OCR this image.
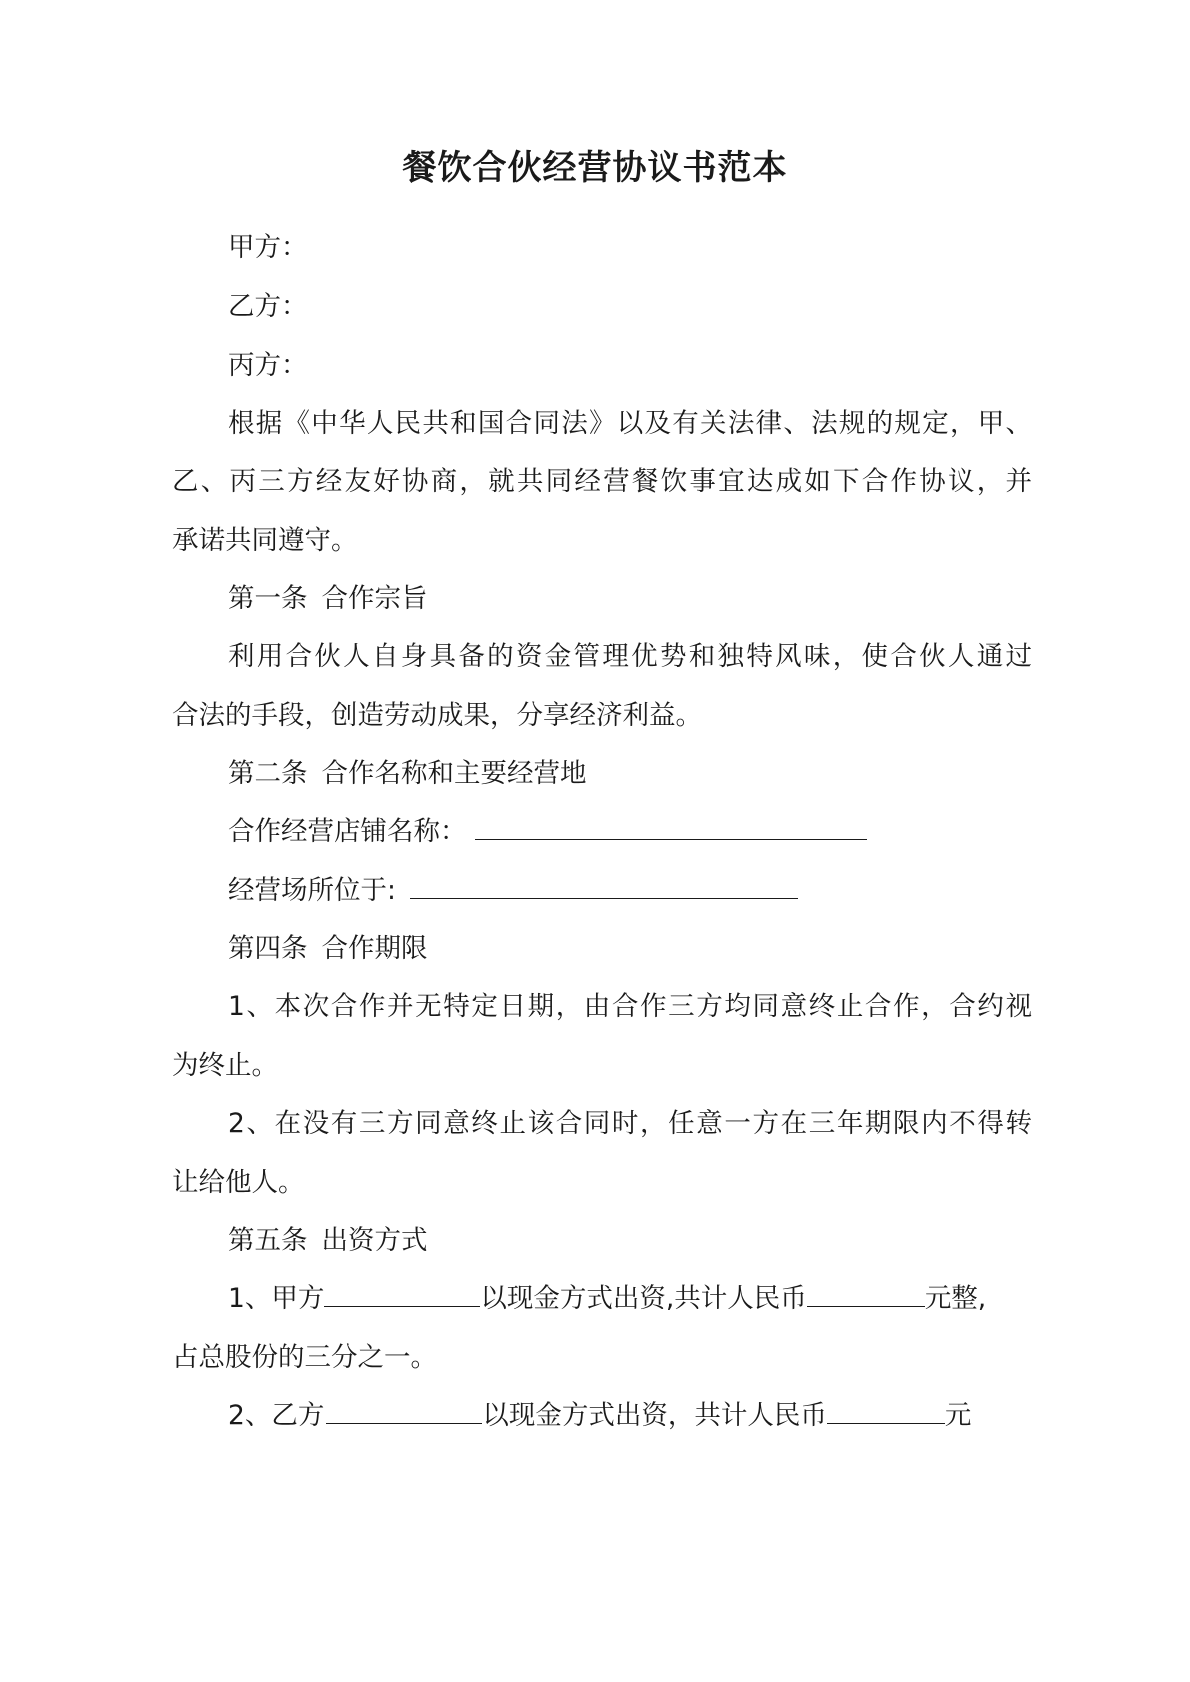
餐饮合伙经营协议书范本
甲方：
乙方：
丙方：
根据《中华人民共和国合同法》以及有关法律、法规的规定，甲、
乙、丙三方经友好协商，就共同经营餐饮事宜达成如下合作协议，并
承诺共同遵守。
第一条 合作宗旨
利用合伙人自身具备的资金管理优势和独特风味，使合伙人通过
合法的手段，创造劳动成果，分享经济利益。
第二条 合作名称和主要经营地
合作经营店铺名称：
经营场所位于:
第四条 合作期限
1、本次合作并无特定日期，由合作三方均同意终止合作，合约视
为终止。
2、在没有三方同意终止该合同时，任意一方在三年期限内不得转
让给他人。
第五条 出资方式
1、甲方	以现金方式出资,共计人民币	元整,
占总股份的三分之一。
2、乙方	以现金方式出资，共计人民币	元
